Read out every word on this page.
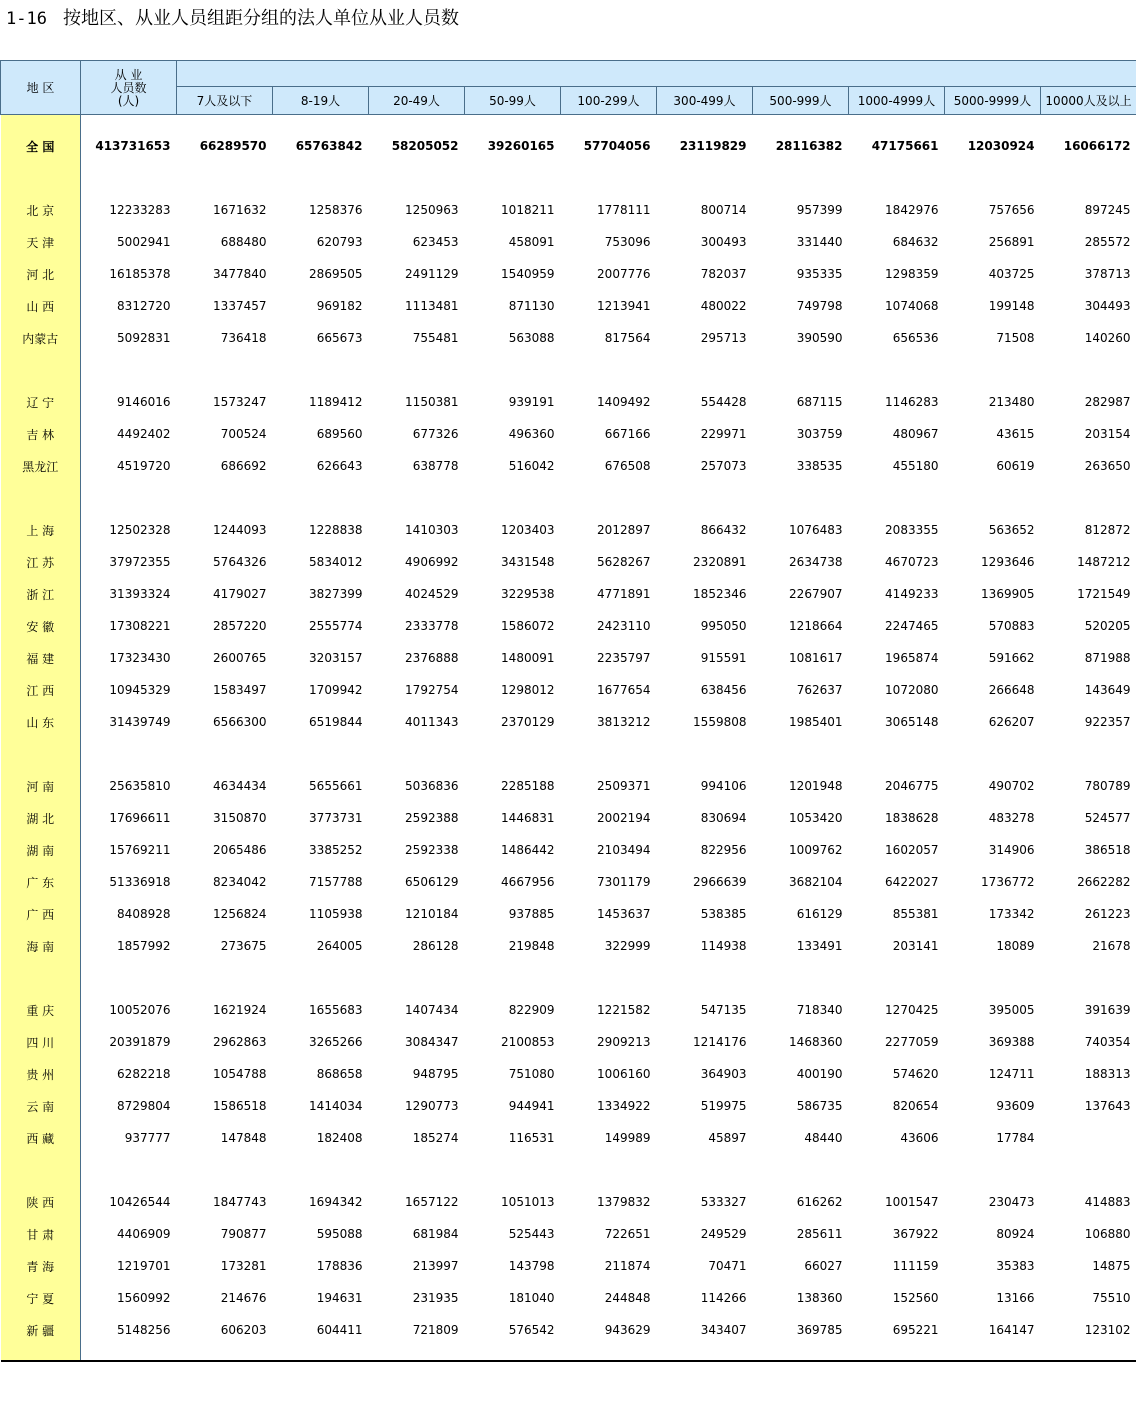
1-16 按地区、从业人员组距分组的法人单位从业人员数
地 区	从 业
人员数
(人)										
		7人及以下	8-19人	20-49人	50-99人	100-299人	300-499人	500-999人	1000-4999人	5000-9999人	10000人及以上

全 国	413731653	66289570	65763842	58205052	39260165	57704056	23119829	28116382	47175661	12030924	16066172

北 京	12233283	1671632	1258376	1250963	1018211	1778111	800714	957399	1842976	757656	897245
天 津	5002941	688480	620793	623453	458091	753096	300493	331440	684632	256891	285572
河 北	16185378	3477840	2869505	2491129	1540959	2007776	782037	935335	1298359	403725	378713
山 西	8312720	1337457	969182	1113481	871130	1213941	480022	749798	1074068	199148	304493
内蒙古	5092831	736418	665673	755481	563088	817564	295713	390590	656536	71508	140260

辽 宁	9146016	1573247	1189412	1150381	939191	1409492	554428	687115	1146283	213480	282987
吉 林	4492402	700524	689560	677326	496360	667166	229971	303759	480967	43615	203154
黑龙江	4519720	686692	626643	638778	516042	676508	257073	338535	455180	60619	263650

上 海	12502328	1244093	1228838	1410303	1203403	2012897	866432	1076483	2083355	563652	812872
江 苏	37972355	5764326	5834012	4906992	3431548	5628267	2320891	2634738	4670723	1293646	1487212
浙 江	31393324	4179027	3827399	4024529	3229538	4771891	1852346	2267907	4149233	1369905	1721549
安 徽	17308221	2857220	2555774	2333778	1586072	2423110	995050	1218664	2247465	570883	520205
福 建	17323430	2600765	3203157	2376888	1480091	2235797	915591	1081617	1965874	591662	871988
江 西	10945329	1583497	1709942	1792754	1298012	1677654	638456	762637	1072080	266648	143649
山 东	31439749	6566300	6519844	4011343	2370129	3813212	1559808	1985401	3065148	626207	922357

河 南	25635810	4634434	5655661	5036836	2285188	2509371	994106	1201948	2046775	490702	780789
湖 北	17696611	3150870	3773731	2592388	1446831	2002194	830694	1053420	1838628	483278	524577
湖 南	15769211	2065486	3385252	2592338	1486442	2103494	822956	1009762	1602057	314906	386518
广 东	51336918	8234042	7157788	6506129	4667956	7301179	2966639	3682104	6422027	1736772	2662282
广 西	8408928	1256824	1105938	1210184	937885	1453637	538385	616129	855381	173342	261223
海 南	1857992	273675	264005	286128	219848	322999	114938	133491	203141	18089	21678

重 庆	10052076	1621924	1655683	1407434	822909	1221582	547135	718340	1270425	395005	391639
四 川	20391879	2962863	3265266	3084347	2100853	2909213	1214176	1468360	2277059	369388	740354
贵 州	6282218	1054788	868658	948795	751080	1006160	364903	400190	574620	124711	188313
云 南	8729804	1586518	1414034	1290773	944941	1334922	519975	586735	820654	93609	137643
西 藏	937777	147848	182408	185274	116531	149989	45897	48440	43606	17784	

陕 西	10426544	1847743	1694342	1657122	1051013	1379832	533327	616262	1001547	230473	414883
甘 肃	4406909	790877	595088	681984	525443	722651	249529	285611	367922	80924	106880
青 海	1219701	173281	178836	213997	143798	211874	70471	66027	111159	35383	14875
宁 夏	1560992	214676	194631	231935	181040	244848	114266	138360	152560	13166	75510
新 疆	5148256	606203	604411	721809	576542	943629	343407	369785	695221	164147	123102
